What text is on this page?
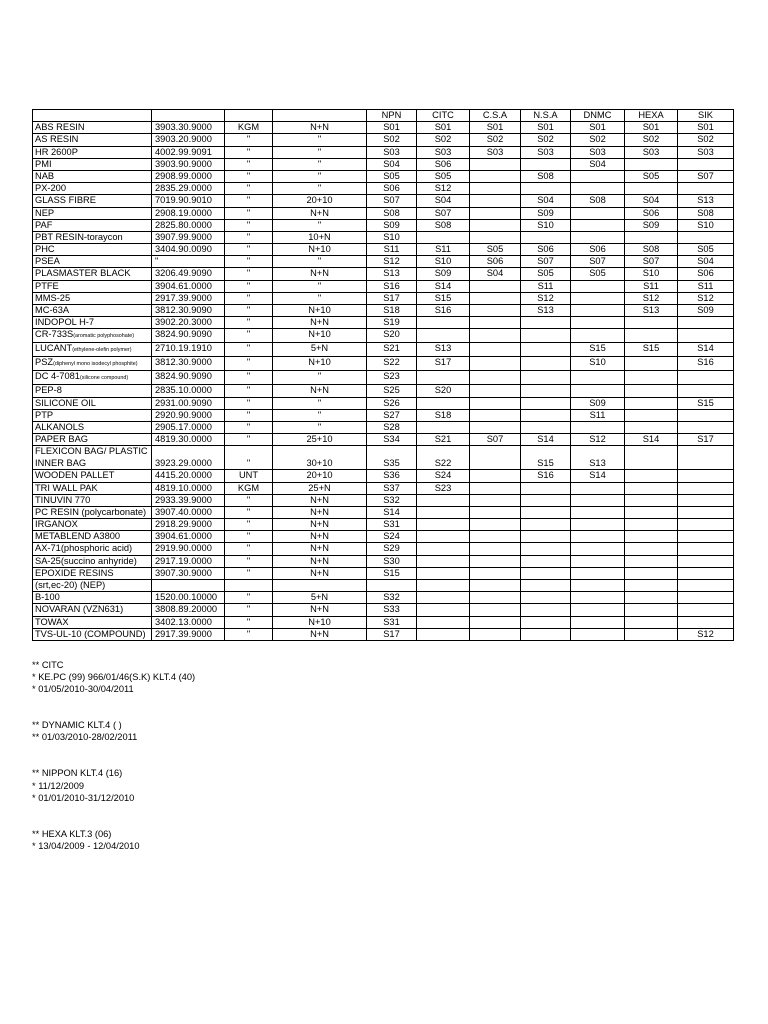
				NPN	CITC	C.S.A	N.S.A	DNMC	HEXA	SIK
ABS RESIN	3903.30.9000	KGM	N+N	S01	S01	S01	S01	S01	S01	S01
AS RESIN	3903.20.9000	"	"	S02	S02	S02	S02	S02	S02	S02
HR 2600P	4002.99.9091	"	"	S03	S03	S03	S03	S03	S03	S03
PMI	3903.90.9000	"	"	S04	S06			S04		
NAB	2908.99.0000	"	"	S05	S05		S08		S05	S07
PX-200	2835.29.0000	"	"	S06	S12					
GLASS FIBRE	7019.90.9010	"	20+10	S07	S04		S04	S08	S04	S13
NEP	2908.19.0000	"	N+N	S08	S07		S09		S06	S08
PAF	2825.80.0000	"	"	S09	S08		S10		S09	S10
PBT RESIN-toraycon	3907.99.9000	"	10+N	S10						
PHC	3404.90.0090	"	N+10	S11	S11	S05	S06	S06	S08	S05
PSEA	"	"	"	S12	S10	S06	S07	S07	S07	S04
PLASMASTER BLACK	3206.49.9090	"	N+N	S13	S09	S04	S05	S05	S10	S06
PTFE	3904.61.0000	"	"	S16	S14		S11		S11	S11
MMS-25	2917.39.9000	"	"	S17	S15		S12		S12	S12
MC-63A	3812.30.9090	"	N+10	S18	S16		S13		S13	S09
INDOPOL H-7	3902.20.3000	"	N+N	S19						
CR-733S(aromatic polyphosohate)	3824.90.9090	"	N+10	S20						
LUCANT(ethylene-olefin polymer)	2710.19.1910	"	5+N	S21	S13			S15	S15	S14
PSZ(diphenyl mono isodecyl phosphite)	3812.30.9000	"	N+10	S22	S17			S10		S16
DC 4-7081(silicone compound)	3824.90.9090	"	"	S23						
PEP-8	2835.10.0000	"	N+N	S25	S20					
SILICONE OIL	2931.00.9090	"	"	S26				S09		S15
PTP	2920.90.9000	"	"	S27	S18			S11		
ALKANOLS	2905.17.0000	"	"	S28						
PAPER BAG	4819.30.0000	"	25+10	S34	S21	S07	S14	S12	S14	S17
FLEXICON BAG/ PLASTIC INNER BAG	3923.29.0000	"	30+10	S35	S22		S15	S13		
WOODEN PALLET	4415.20.0000	UNT	20+10	S36	S24		S16	S14		
TRI WALL PAK	4819.10.0000	KGM	25+N	S37	S23					
TINUVIN 770	2933.39.9000	"	N+N	S32						
PC RESIN (polycarbonate)	3907.40.0000	"	N+N	S14						
IRGANOX	2918.29.9000	"	N+N	S31						
METABLEND A3800	3904.61.0000	"	N+N	S24						
AX-71(phosphoric acid)	2919.90.0000	"	N+N	S29						
SA-25(succino anhyride)	2917.19.0000	"	N+N	S30						
EPOXIDE RESINS	3907.30.9000	"	N+N	S15						
(srt,ec-20) (NEP)										
B-100	1520.00.10000	"	5+N	S32						
NOVARAN (VZN631)	3808.89.20000	"	N+N	S33						
TOWAX	3402.13.0000	"	N+10	S31						
TVS-UL-10 (COMPOUND)	2917.39.9000	"	N+N	S17						S12
** CITC
* KE.PC (99) 966/01/46(S.K) KLT.4 (40)
* 01/05/2010-30/04/2011
** DYNAMIC KLT.4 ( )
** 01/03/2010-28/02/2011
** NIPPON KLT.4 (16)
* 11/12/2009
* 01/01/2010-31/12/2010
** HEXA KLT.3 (06)
* 13/04/2009 - 12/04/2010
